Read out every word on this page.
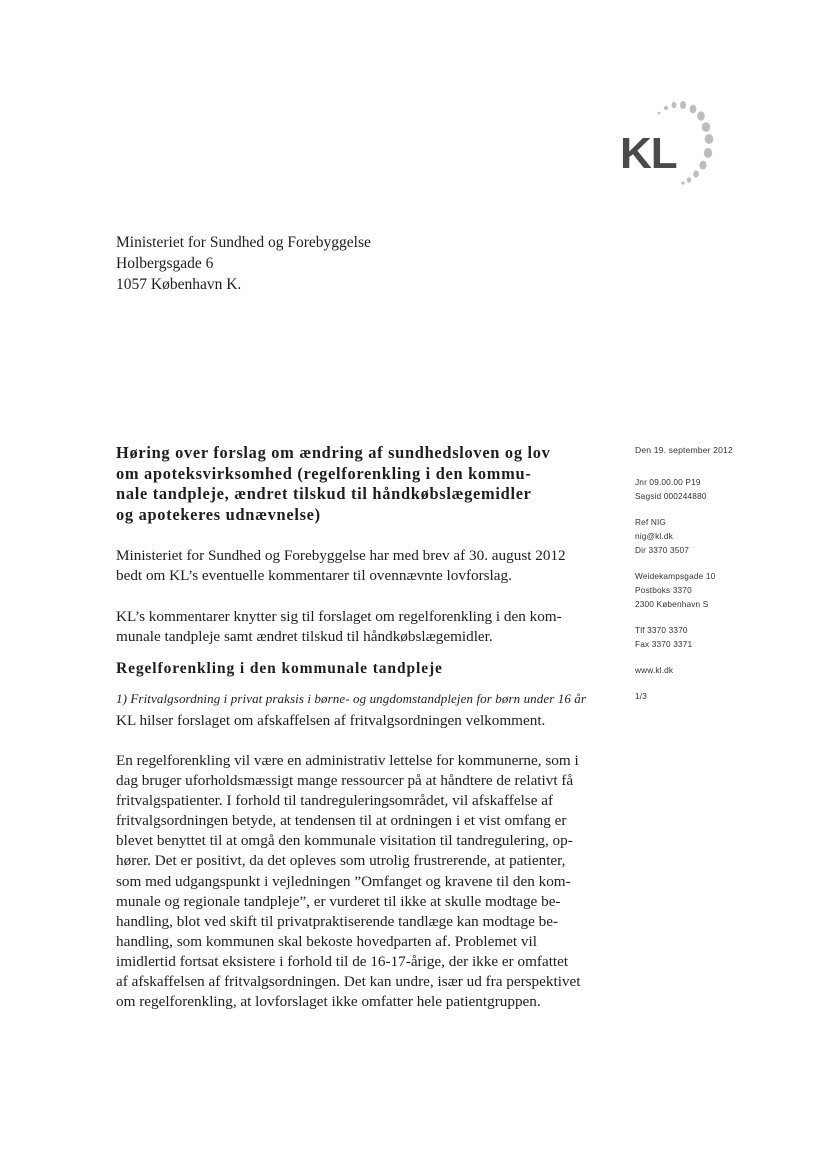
KL
Ministeriet for Sundhed og Forebyggelse
Holbergsgade 6
1057 København K.
Høring over forslag om ændring af sundhedsloven og lov
om apoteksvirksomhed (regelforenkling i den kommu-
nale tandpleje, ændret tilskud til håndkøbslægemidler
og apotekeres udnævnelse)

Ministeriet for Sundhed og Forebyggelse har med brev af 30. august 2012
bedt om KL’s eventuelle kommentarer til ovennævnte lovforslag.

KL’s kommentarer knytter sig til forslaget om regelforenkling i den kom-
munale tandpleje samt ændret tilskud til håndkøbslægemidler.

Regelforenkling i den kommunale tandpleje
1) Fritvalgsordning i privat praksis i børne- og ungdomstandplejen for børn under 16 år

KL hilser forslaget om afskaffelsen af fritvalgsordningen velkomment.

En regelforenkling vil være en administrativ lettelse for kommunerne, som i
dag bruger uforholdsmæssigt mange ressourcer på at håndtere de relativt få
fritvalgspatienter. I forhold til tandreguleringsområdet, vil afskaffelse af
fritvalgsordningen betyde, at tendensen til at ordningen i et vist omfang er
blevet benyttet til at omgå den kommunale visitation til tandregulering, op-
hører. Det er positivt, da det opleves som utrolig frustrerende, at patienter,
som med udgangspunkt i vejledningen ”Omfanget og kravene til den kom-
munale og regionale tandpleje”, er vurderet til ikke at skulle modtage be-
handling, blot ved skift til privatpraktiserende tandlæge kan modtage be-
handling, som kommunen skal bekoste hovedparten af. Problemet vil
imidlertid fortsat eksistere i forhold til de 16-17-årige, der ikke er omfattet
af afskaffelsen af fritvalgsordningen. Det kan undre, især ud fra perspektivet
om regelforenkling, at lovforslaget ikke omfatter hele patientgruppen.

Den 19. september 2012
Jnr 09.00.00 P19
Sagsid 000244880
Ref NIG
nig@kl.dk
Dir 3370 3507
Weidekampsgade 10
Postboks 3370
2300 København S
Tlf 3370 3370
Fax 3370 3371
www.kl.dk
1/3
